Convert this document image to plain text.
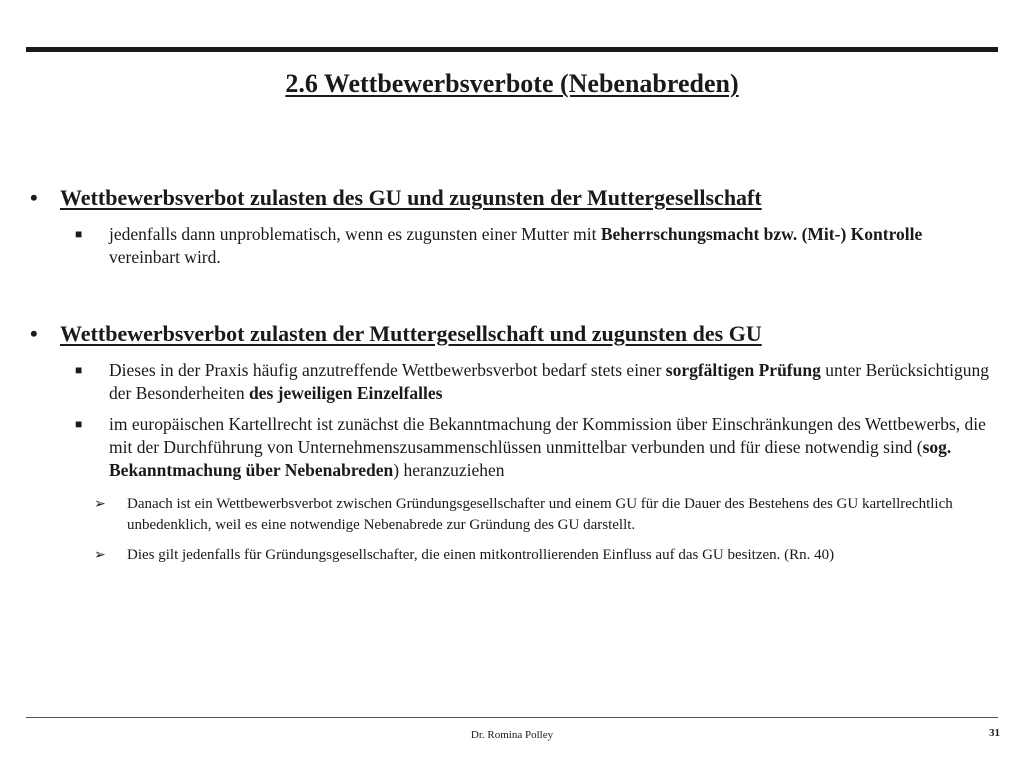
2.6 Wettbewerbsverbote (Nebenabreden)
•	Wettbewerbsverbot zulasten des GU und zugunsten der Muttergesellschaft
■ jedenfalls dann unproblematisch, wenn es zugunsten einer Mutter mit Beherrschungsmacht bzw. (Mit-) Kontrolle vereinbart wird.
•	Wettbewerbsverbot zulasten der Muttergesellschaft und zugunsten des GU
■ Dieses in der Praxis häufig anzutreffende Wettbewerbsverbot bedarf stets einer sorgfältigen Prüfung unter Berücksichtigung der Besonderheiten des jeweiligen Einzelfalles
■ im europäischen Kartellrecht ist zunächst die Bekanntmachung der Kommission über Einschränkungen des Wettbewerbs, die mit der Durchführung von Unternehmenszusammenschlüssen unmittelbar verbunden und für diese notwendig sind (sog. Bekanntmachung über Nebenabreden) heranzuziehen
➢ Danach ist ein Wettbewerbsverbot zwischen Gründungsgesellschafter und einem GU für die Dauer des Bestehens des GU kartellrechtlich unbedenklich, weil es eine notwendige Nebenabrede zur Gründung des GU darstellt.
➢ Dies gilt jedenfalls für Gründungsgesellschafter, die einen mitkontrollierenden Einfluss auf das GU besitzen. (Rn. 40)
Dr. Romina Polley	31
